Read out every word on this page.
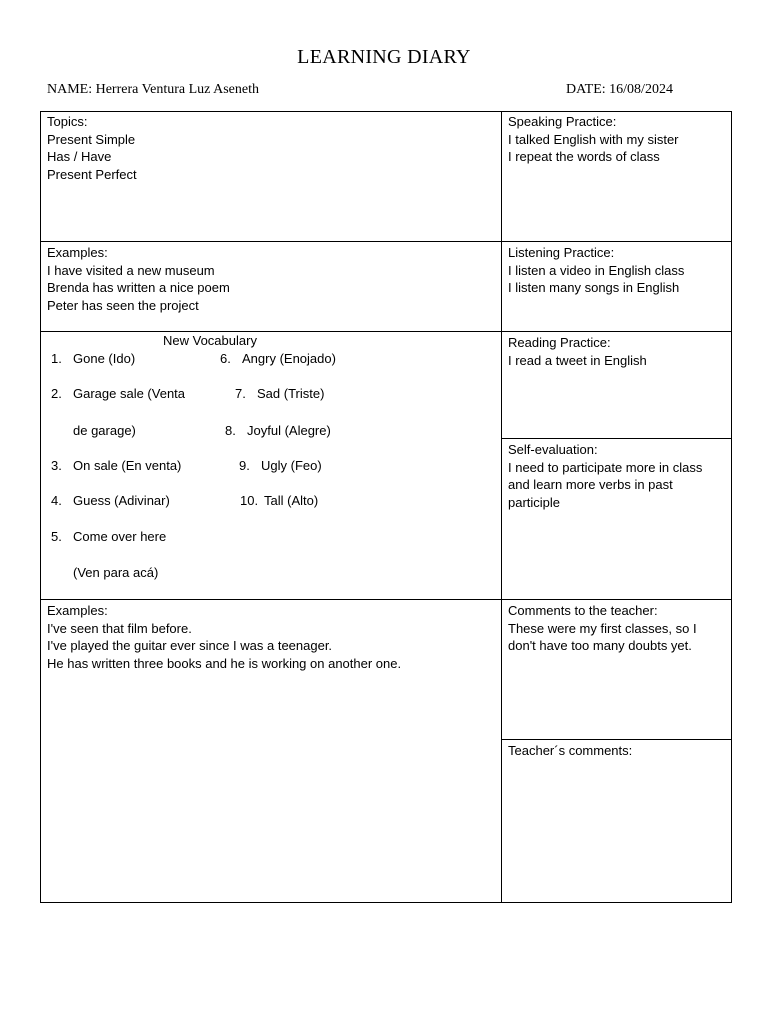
LEARNING DIARY
NAME: Herrera Ventura Luz Aseneth	DATE: 16/08/2024
Topics:
Present Simple
Has / Have
Present Perfect
Speaking Practice:
I talked English with my sister
I repeat the words of class
Examples:
I have visited a new museum
Brenda has written a nice poem
Peter has seen the project
Listening Practice:
I listen a video in English class
I listen many songs in English
New Vocabulary
1. Gone (Ido)
2. Garage sale (Venta
de garage)
3. On sale (En venta)
4. Guess (Adivinar)
5. Come over here
(Ven para acá)
6. Angry (Enojado)
7. Sad (Triste)
8. Joyful (Alegre)
9. Ugly (Feo)
10. Tall (Alto)
Reading Practice:
I read a tweet in English
Self-evaluation:
I need to participate more in class
and learn more verbs in past
participle
Examples:
I've seen that film before.
I've played the guitar ever since I was a teenager.
He has written three books and he is working on another one.
Comments to the teacher:
These were my first classes, so I
don't have too many doubts yet.
Teacher´s comments:
